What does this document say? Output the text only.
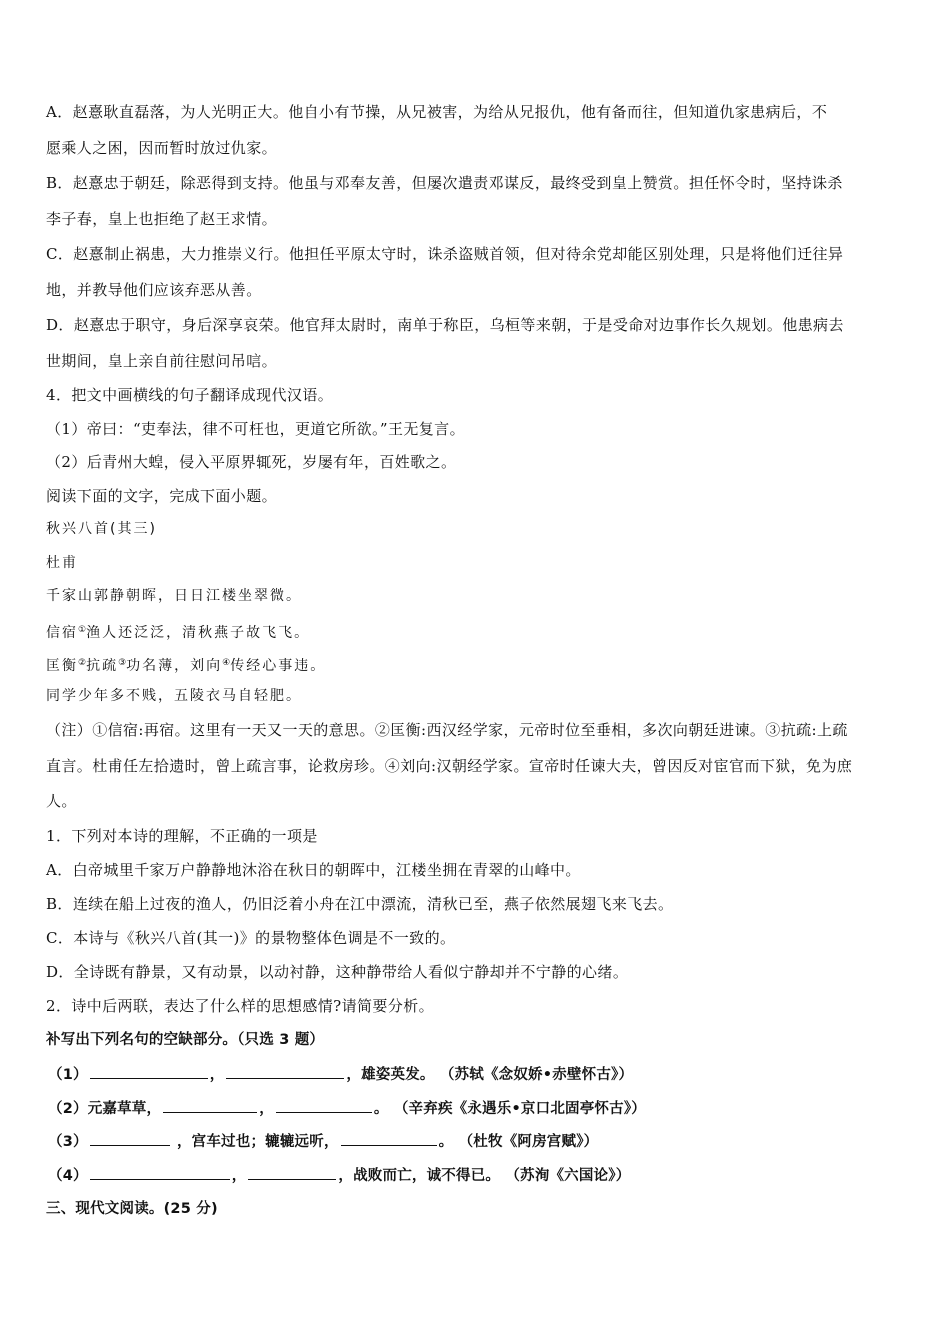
A．赵憙耿直磊落，为人光明正大。他自小有节操，从兄被害，为给从兄报仇，他有备而往，但知道仇家患病后，不
愿乘人之困，因而暂时放过仇家。
B．赵憙忠于朝廷，除恶得到支持。他虽与邓奉友善，但屡次遣责邓谋反，最终受到皇上赞赏。担任怀令时，坚持诛杀
李子春，皇上也拒绝了赵王求情。
C．赵憙制止祸患，大力推崇义行。他担任平原太守时，诛杀盗贼首领，但对待余党却能区别处理，只是将他们迁往异
地，并教导他们应该弃恶从善。
D．赵憙忠于职守，身后深享哀荣。他官拜太尉时，南单于称臣，乌桓等来朝，于是受命对边事作长久规划。他患病去
世期间，皇上亲自前往慰问吊唁。
4．把文中画横线的句子翻译成现代汉语。
（1）帝曰：“吏奉法，律不可枉也，更道它所欲。”王无复言。
（2）后青州大蝗，侵入平原界辄死，岁屡有年，百姓歌之。
阅读下面的文字，完成下面小题。
秋兴八首(其三)
杜甫
千家山郭静朝晖，日日江楼坐翠微。
信宿①渔人还泛泛，清秋燕子故飞飞。
匡衡②抗疏③功名薄，刘向④传经心事违。
同学少年多不贱，五陵衣马自轻肥。
（注）①信宿:再宿。这里有一天又一天的意思。②匡衡:西汉经学家，元帝时位至垂相，多次向朝廷进谏。③抗疏:上疏
直言。杜甫任左拾遗时，曾上疏言事，论救房珍。④刘向:汉朝经学家。宣帝时任谏大夫，曾因反对宦官而下狱，免为庶
人。
1．下列对本诗的理解，不正确的一项是
A．白帝城里千家万户静静地沐浴在秋日的朝晖中，江楼坐拥在青翠的山峰中。
B．连续在船上过夜的渔人，仍旧泛着小舟在江中漂流，清秋已至，燕子依然展翅飞来飞去。
C．本诗与《秋兴八首(其一)》的景物整体色调是不一致的。
D．全诗既有静景，又有动景，以动衬静，这种静带给人看似宁静却并不宁静的心绪。
2．诗中后两联，表达了什么样的思想感情?请简要分析。
补写出下列名句的空缺部分。（只选 3 题）
（1）	，	，雄姿英发。 （苏轼《念奴娇•赤壁怀古》）
（2）元嘉草草，	，	。 （辛弃疾《永遇乐•京口北固亭怀古》）
（3）	，宫车过也；辘辘远听，	。 （杜牧《阿房宫赋》）
（4）	，	，战败而亡，诚不得已。 （苏洵《六国论》）
三、现代文阅读。(25 分)
